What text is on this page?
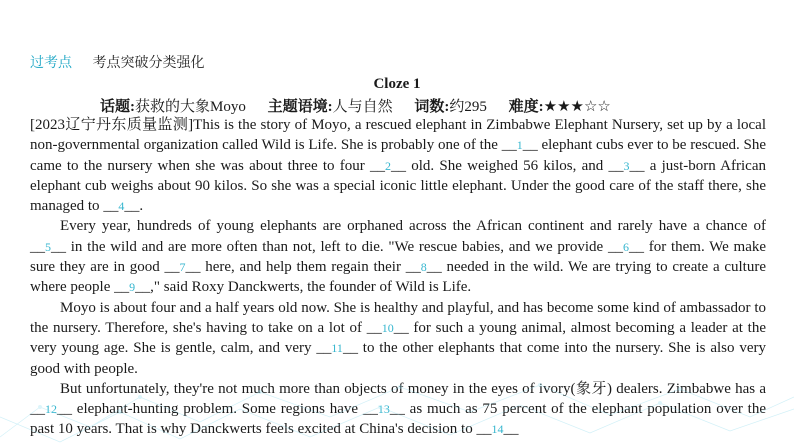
过考点 考点突破分类强化
Cloze 1
话题:获救的大象Moyo 主题语境:人与自然 词数:约295 难度:★★★☆☆

[2023辽宁丹东质量监测]This is the story of Moyo, a rescued elephant in Zimbabwe Elephant Nursery, set up by a local non-governmental organization called Wild is Life. She is probably one of the __1__ elephant cubs ever to be rescued. She came to the nursery when she was about three to four __2__ old. She weighed 56 kilos, and __3__ a just-born African elephant cub weighs about 90 kilos. So she was a special iconic little elephant. Under the good care of the staff there, she managed to __4__.

Every year, hundreds of young elephants are orphaned across the African continent and rarely have a chance of __5__ in the wild and are more often than not, left to die. "We rescue babies, and we provide __6__ for them. We make sure they are in good __7__ here, and help them regain their __8__ needed in the wild. We are trying to create a culture where people __9__," said Roxy Danckwerts, the founder of Wild is Life.

Moyo is about four and a half years old now. She is healthy and playful, and has become some kind of ambassador to the nursery. Therefore, she's having to take on a lot of __10__ for such a young animal, almost becoming a leader at the very young age. She is gentle, calm, and very __11__ to the other elephants that come into the nursery. She is also very good with people.

But unfortunately, they're not much more than objects of money in the eyes of ivory(象牙) dealers. Zimbabwe has a __12__ elephant-hunting problem. Some regions have __13__ as much as 75 percent of the elephant population over the past 10 years. That is why Danckwerts feels excited at China's decision to __14__
